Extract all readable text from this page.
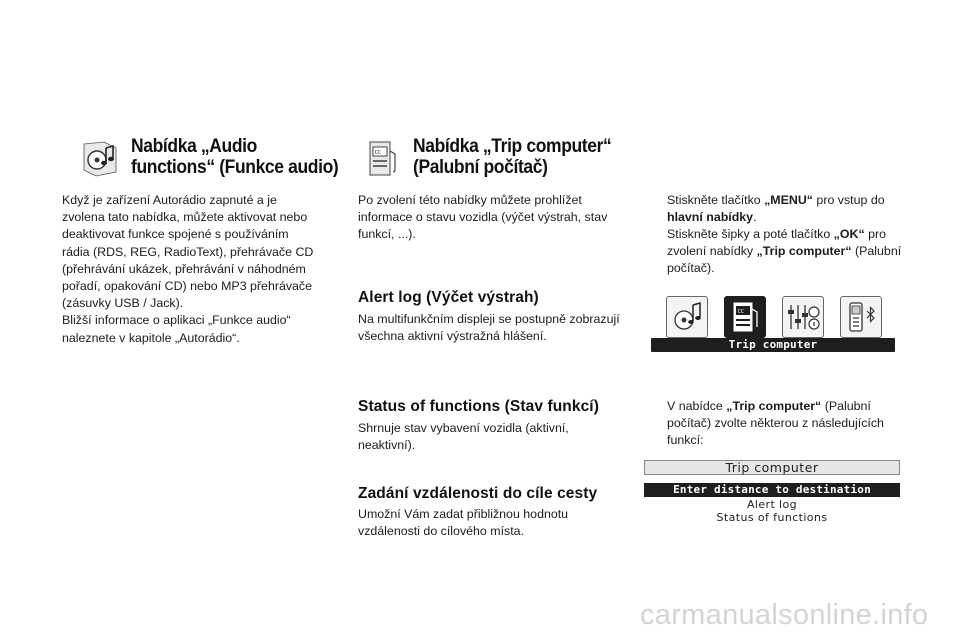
Nabídka „Audio
functions“ (Funkce audio)
Když je zařízení Autorádio zapnuté a je
zvolena tato nabídka, můžete aktivovat nebo
deaktivovat funkce spojené s používáním
rádia (RDS, REG, RadioText), přehrávače CD
(přehrávání ukázek, přehrávání v náhodném
pořadí, opakování CD) nebo MP3 přehrávače
(zásuvky USB / Jack).
Bližší informace o aplikaci „Funkce audio“
naleznete v kapitole „Autorádio“.
CC Nabídka „Trip computer“
(Palubní počítač)
Po zvolení této nabídky můžete prohlížet
informace o stavu vozidla (výčet výstrah, stav
funkcí, ...).
Alert log (Výčet výstrah)
Na multifunkčním displeji se postupně zobrazují
všechna aktivní výstražná hlášení.
Status of functions (Stav funkcí)
Shrnuje stav vybavení vozidla (aktivní,
neaktivní).
Zadání vzdálenosti do cíle cesty
Umožní Vám zadat přibližnou hodnotu
vzdálenosti do cílového místa.
Stiskněte tlačítko „MENU“ pro vstup do
hlavní nabídky.
Stiskněte šipky a poté tlačítko „OK“ pro
zvolení nabídky „Trip computer“ (Palubní
počítač).
CC
Trip computer
V nabídce „Trip computer“ (Palubní
počítač) zvolte některou z následujících
funkcí:
Trip computer
Enter distance to destination
Alert log
Status of functions
carmanualsonline.info
